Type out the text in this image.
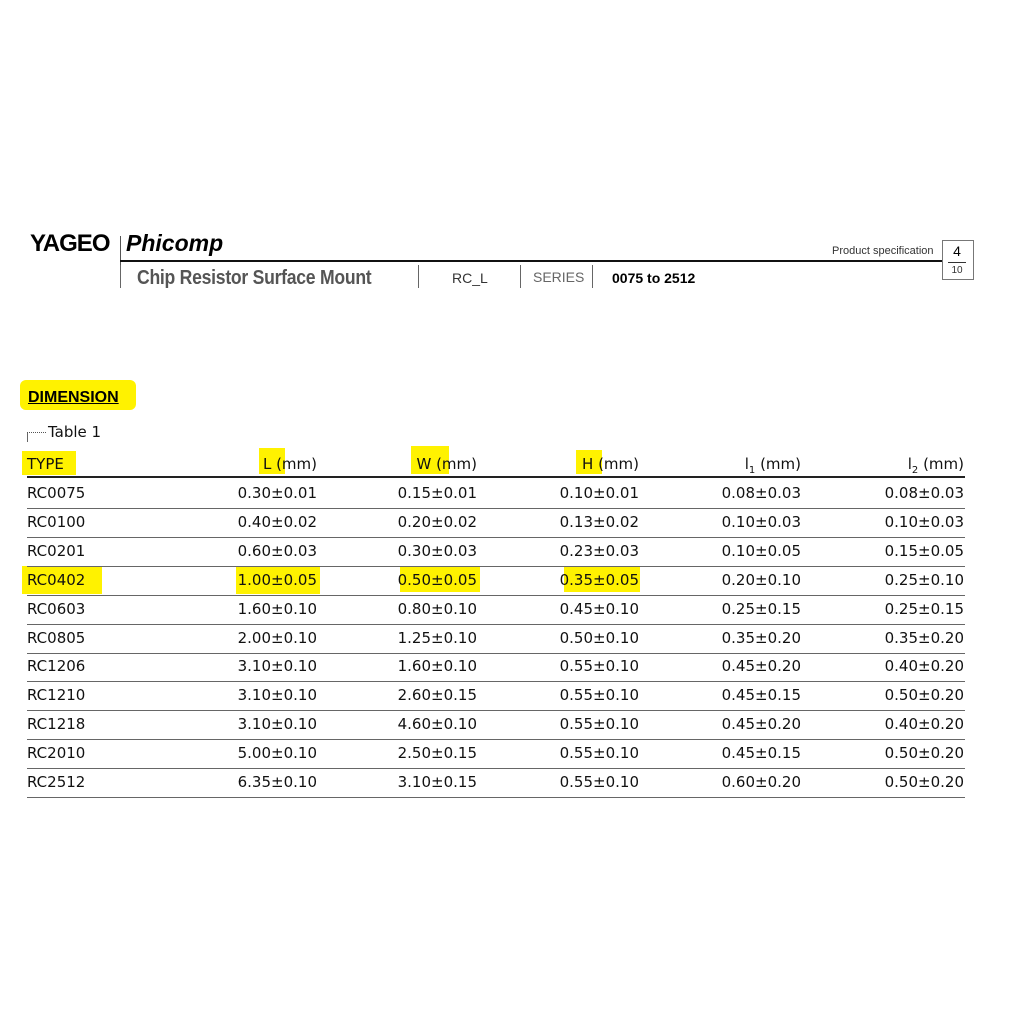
YAGEO Phicomp	Product specification	4
10
Chip Resistor Surface Mount	RC_L	SERIES 0075 to 2512
DIMENSION
Table 1
TYPE	L (mm)	W (mm)	H (mm)	$l_1$ (mm)	$l_2$ (mm)
RC0075	0.30±0.01	0.15±0.01	0.10±0.01	0.08±0.03	0.08±0.03
RC0100	0.40±0.02	0.20±0.02	0.13±0.02	0.10±0.03	0.10±0.03
RC0201	0.60±0.03	0.30±0.03	0.23±0.03	0.10±0.05	0.15±0.05
RC0402	1.00±0.05	0.50±0.05	0.35±0.05	0.20±0.10	0.25±0.10
RC0603	1.60±0.10	0.80±0.10	0.45±0.10	0.25±0.15	0.25±0.15
RC0805	2.00±0.10	1.25±0.10	0.50±0.10	0.35±0.20	0.35±0.20
RC1206	3.10±0.10	1.60±0.10	0.55±0.10	0.45±0.20	0.40±0.20
RC1210	3.10±0.10	2.60±0.15	0.55±0.10	0.45±0.15	0.50±0.20
RC1218	3.10±0.10	4.60±0.10	0.55±0.10	0.45±0.20	0.40±0.20
RC2010	5.00±0.10	2.50±0.15	0.55±0.10	0.45±0.15	0.50±0.20
RC2512	6.35±0.10	3.10±0.15	0.55±0.10	0.60±0.20	0.50±0.20
